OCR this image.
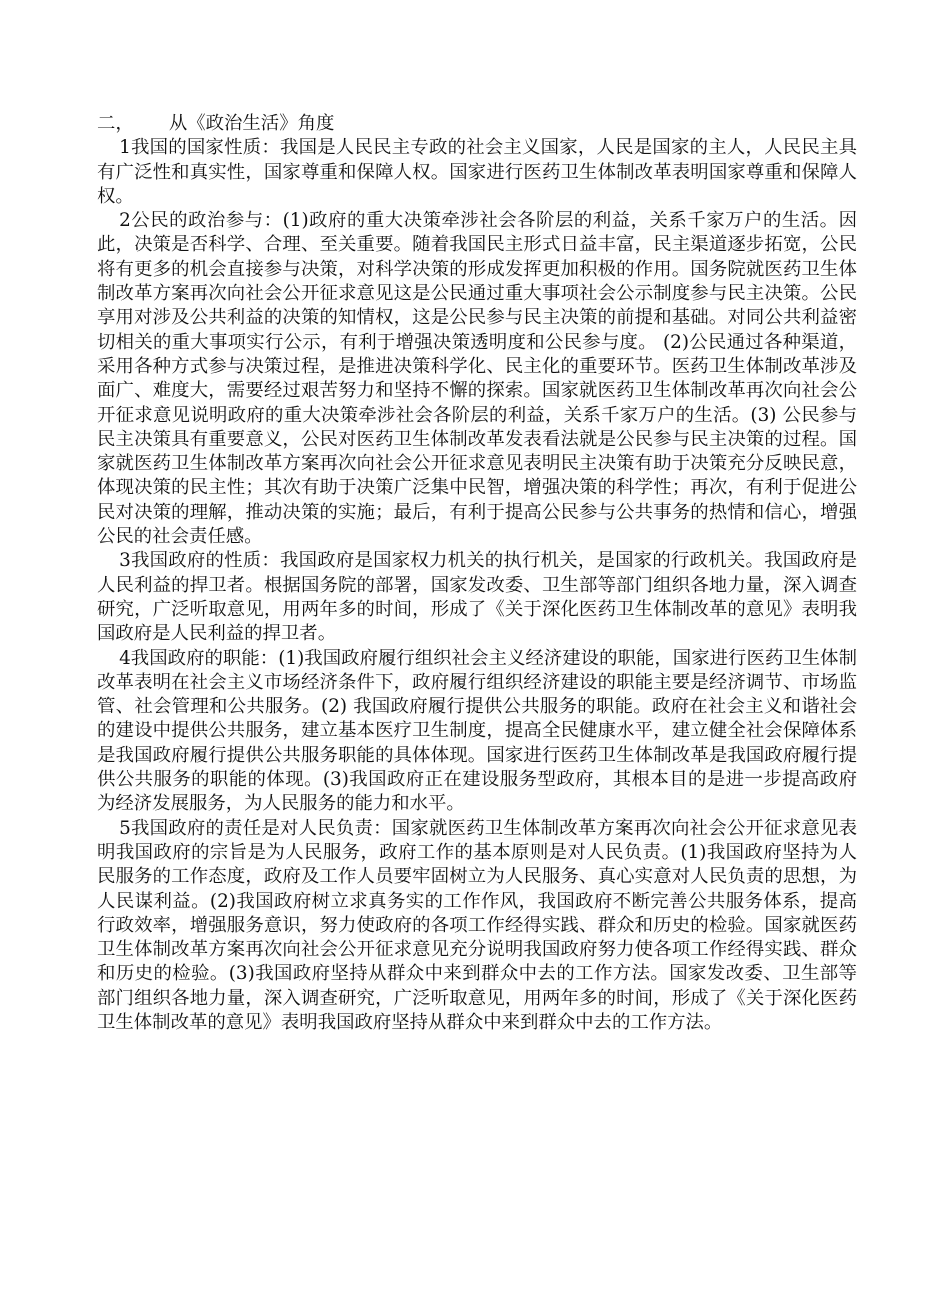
二，      从《政治生活》角度

1我国的国家性质：我国是人民民主专政的社会主义国家，人民是国家的主人，人民民主具有广泛性和真实性，国家尊重和保障人权。国家进行医药卫生体制改革表明国家尊重和保障人权。

2公民的政治参与：(1)政府的重大决策牵涉社会各阶层的利益，关系千家万户的生活。因此，决策是否科学、合理、至关重要。随着我国民主形式日益丰富，民主渠道逐步拓宽，公民将有更多的机会直接参与决策，对科学决策的形成发挥更加积极的作用。国务院就医药卫生体制改革方案再次向社会公开征求意见这是公民通过重大事项社会公示制度参与民主决策。公民享用对涉及公共利益的决策的知情权，这是公民参与民主决策的前提和基础。对同公共利益密切相关的重大事项实行公示，有利于增强决策透明度和公民参与度。 (2)公民通过各种渠道，采用各种方式参与决策过程，是推进决策科学化、民主化的重要环节。医药卫生体制改革涉及面广、难度大，需要经过艰苦努力和坚持不懈的探索。国家就医药卫生体制改革再次向社会公开征求意见说明政府的重大决策牵涉社会各阶层的利益，关系千家万户的生活。(3) 公民参与民主决策具有重要意义，公民对医药卫生体制改革发表看法就是公民参与民主决策的过程。国家就医药卫生体制改革方案再次向社会公开征求意见表明民主决策有助于决策充分反映民意，体现决策的民主性；其次有助于决策广泛集中民智，增强决策的科学性；再次，有利于促进公民对决策的理解，推动决策的实施；最后，有利于提高公民参与公共事务的热情和信心，增强公民的社会责任感。

3我国政府的性质：我国政府是国家权力机关的执行机关，是国家的行政机关。我国政府是人民利益的捍卫者。根据国务院的部署，国家发改委、卫生部等部门组织各地力量，深入调查研究，广泛听取意见，用两年多的时间，形成了《关于深化医药卫生体制改革的意见》表明我国政府是人民利益的捍卫者。

4我国政府的职能：(1)我国政府履行组织社会主义经济建设的职能，国家进行医药卫生体制改革表明在社会主义市场经济条件下，政府履行组织经济建设的职能主要是经济调节、市场监管、社会管理和公共服务。(2) 我国政府履行提供公共服务的职能。政府在社会主义和谐社会的建设中提供公共服务，建立基本医疗卫生制度，提高全民健康水平，建立健全社会保障体系是我国政府履行提供公共服务职能的具体体现。国家进行医药卫生体制改革是我国政府履行提供公共服务的职能的体现。(3)我国政府正在建设服务型政府，其根本目的是进一步提高政府为经济发展服务，为人民服务的能力和水平。

5我国政府的责任是对人民负责：国家就医药卫生体制改革方案再次向社会公开征求意见表明我国政府的宗旨是为人民服务，政府工作的基本原则是对人民负责。(1)我国政府坚持为人民服务的工作态度，政府及工作人员要牢固树立为人民服务、真心实意对人民负责的思想，为人民谋利益。(2)我国政府树立求真务实的工作作风，我国政府不断完善公共服务体系，提高行政效率，增强服务意识，努力使政府的各项工作经得实践、群众和历史的检验。国家就医药卫生体制改革方案再次向社会公开征求意见充分说明我国政府努力使各项工作经得实践、群众和历史的检验。(3)我国政府坚持从群众中来到群众中去的工作方法。国家发改委、卫生部等部门组织各地力量，深入调查研究，广泛听取意见，用两年多的时间，形成了《关于深化医药卫生体制改革的意见》表明我国政府坚持从群众中来到群众中去的工作方法。
